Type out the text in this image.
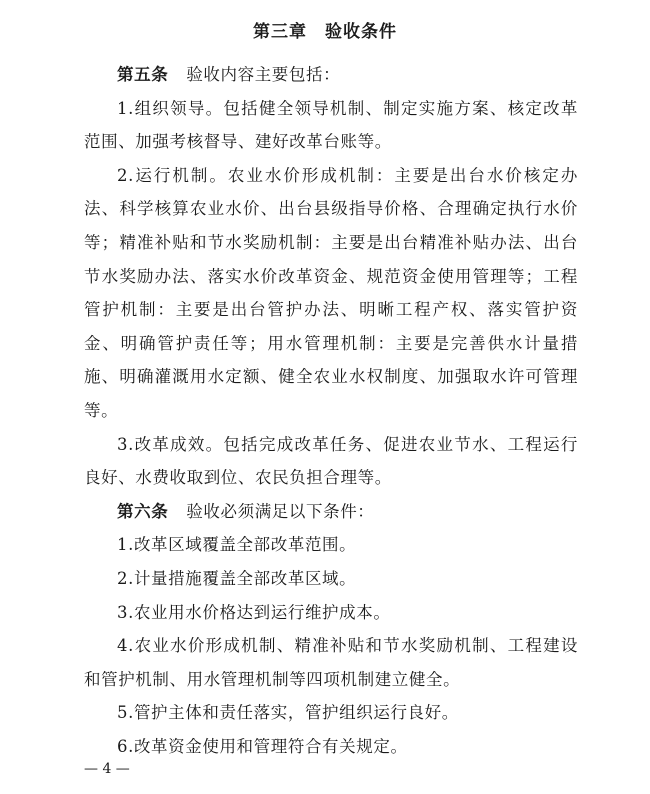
第三章　验收条件

第五条 验收内容主要包括：

1.组织领导。包括健全领导机制、制定实施方案、核定改革范围、加强考核督导、建好改革台账等。

2.运行机制。农业水价形成机制：主要是出台水价核定办法、科学核算农业水价、出台县级指导价格、合理确定执行水价等；精准补贴和节水奖励机制：主要是出台精准补贴办法、出台节水奖励办法、落实水价改革资金、规范资金使用管理等；工程管护机制：主要是出台管护办法、明晰工程产权、落实管护资金、明确管护责任等；用水管理机制：主要是完善供水计量措施、明确灌溉用水定额、健全农业水权制度、加强取水许可管理等。

3.改革成效。包括完成改革任务、促进农业节水、工程运行良好、水费收取到位、农民负担合理等。

第六条 验收必须满足以下条件：

1.改革区域覆盖全部改革范围。

2.计量措施覆盖全部改革区域。

3.农业用水价格达到运行维护成本。

4.农业水价形成机制、精准补贴和节水奖励机制、工程建设和管护机制、用水管理机制等四项机制建立健全。

5.管护主体和责任落实，管护组织运行良好。

6.改革资金使用和管理符合有关规定。

— 4 —
